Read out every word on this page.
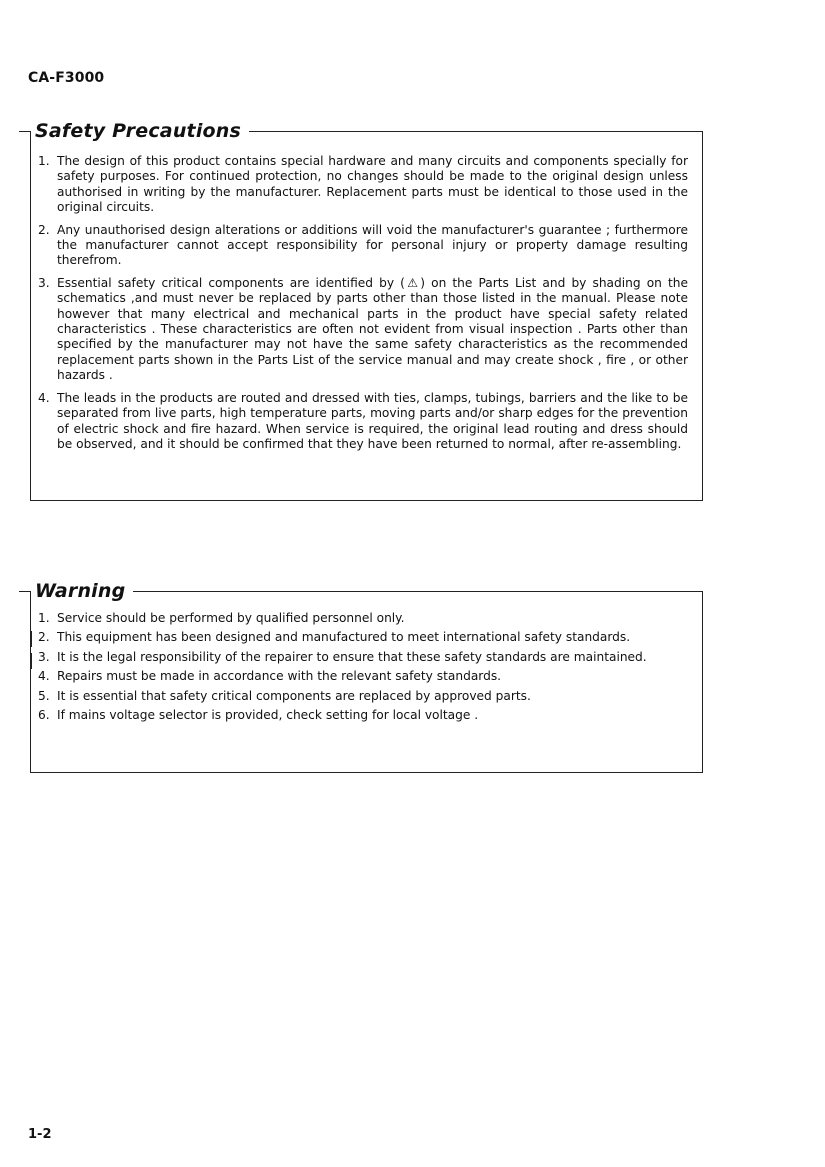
CA-F3000
Safety Precautions
1. The design of this product contains special hardware and many circuits and components specially for safety purposes. For continued protection, no changes should be made to the original design unless authorised in writing by the manufacturer. Replacement parts must be identical to those used in the original circuits.
2. Any unauthorised design alterations or additions will void the manufacturer's guarantee ; furthermore the manufacturer cannot accept responsibility for personal injury or property damage resulting therefrom.
3. Essential safety critical components are identified by (⚠) on the Parts List and by shading on the schematics ,and must never be replaced by parts other than those listed in the manual. Please note however that many electrical and mechanical parts in the product have special safety related characteristics . These characteristics are often not evident from visual inspection . Parts other than specified by the manufacturer may not have the same safety characteristics as the recommended replacement parts shown in the Parts List of the service manual and may create shock , fire , or other hazards .
4. The leads in the products are routed and dressed with ties, clamps, tubings, barriers and the like to be separated from live parts, high temperature parts, moving parts and/or sharp edges for the prevention of electric shock and fire hazard. When service is required, the original lead routing and dress should be observed, and it should be confirmed that they have been returned to normal, after re-assembling.
Warning
1. Service should be performed by qualified personnel only.
2. This equipment has been designed and manufactured to meet international safety standards.
3. It is the legal responsibility of the repairer to ensure that these safety standards are maintained.
4. Repairs must be made in accordance with the relevant safety standards.
5. It is essential that safety critical components are replaced by approved parts.
6. If mains voltage selector is provided, check setting for local voltage .
1-2
